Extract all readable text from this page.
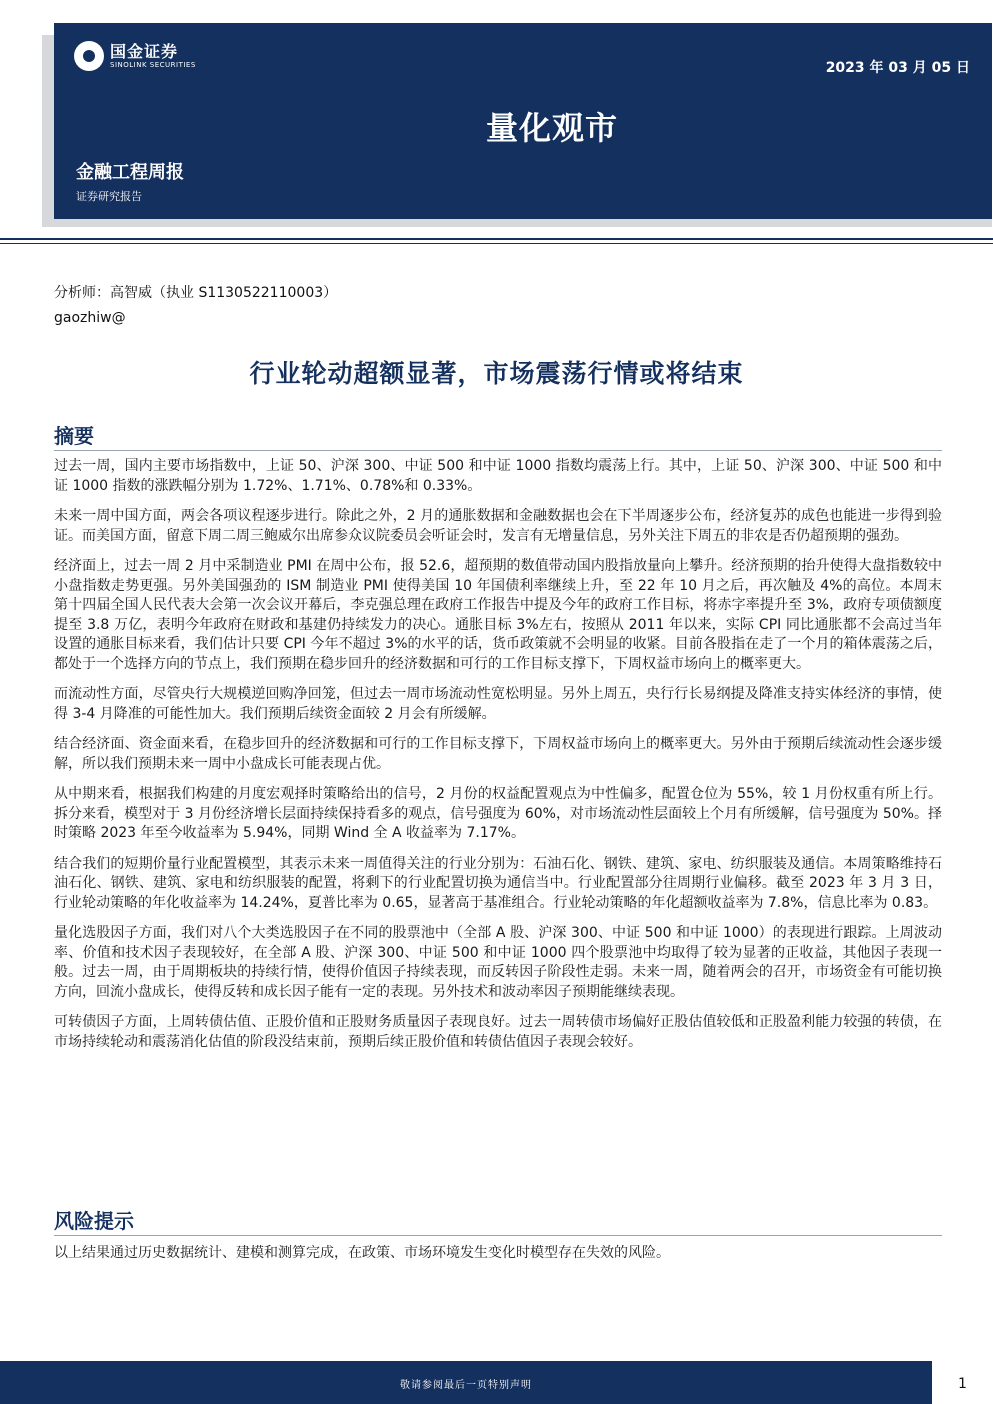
国金证券
SINOLINK SECURITIES	2023 年 03 月 05 日
量化观市
金融工程周报
证券研究报告
分析师：高智威（执业 S1130522110003）
gaozhiw@
行业轮动超额显著，市场震荡行情或将结束
摘要

过去一周，国内主要市场指数中，上证 50、沪深 300、中证 500 和中证 1000 指数均震荡上行。其中，上证 50、沪深 300、中证 500 和中证 1000 指数的涨跌幅分别为 1.72%、1.71%、0.78%和 0.33%。

未来一周中国方面，两会各项议程逐步进行。除此之外，2 月的通胀数据和金融数据也会在下半周逐步公布，经济复苏的成色也能进一步得到验证。而美国方面，留意下周二周三鲍威尔出席参众议院委员会听证会时，发言有无增量信息，另外关注下周五的非农是否仍超预期的强劲。

经济面上，过去一周 2 月中采制造业 PMI 在周中公布，报 52.6，超预期的数值带动国内股指放量向上攀升。经济预期的抬升使得大盘指数较中小盘指数走势更强。另外美国强劲的 ISM 制造业 PMI 使得美国 10 年国债利率继续上升，至 22 年 10 月之后，再次触及 4%的高位。本周末第十四届全国人民代表大会第一次会议开幕后，李克强总理在政府工作报告中提及今年的政府工作目标，将赤字率提升至 3%，政府专项债额度提至 3.8 万亿，表明今年政府在财政和基建仍持续发力的决心。通胀目标 3%左右，按照从 2011 年以来，实际 CPI 同比通胀都不会高过当年设置的通胀目标来看，我们估计只要 CPI 今年不超过 3%的水平的话，货币政策就不会明显的收紧。目前各股指在走了一个月的箱体震荡之后，都处于一个选择方向的节点上，我们预期在稳步回升的经济数据和可行的工作目标支撑下，下周权益市场向上的概率更大。

而流动性方面，尽管央行大规模逆回购净回笼，但过去一周市场流动性宽松明显。另外上周五，央行行长易纲提及降准支持实体经济的事情，使得 3-4 月降准的可能性加大。我们预期后续资金面较 2 月会有所缓解。

结合经济面、资金面来看，在稳步回升的经济数据和可行的工作目标支撑下，下周权益市场向上的概率更大。另外由于预期后续流动性会逐步缓解，所以我们预期未来一周中小盘成长可能表现占优。

从中期来看，根据我们构建的月度宏观择时策略给出的信号，2 月份的权益配置观点为中性偏多，配置仓位为 55%，较 1 月份权重有所上行。拆分来看，模型对于 3 月份经济增长层面持续保持看多的观点，信号强度为 60%，对市场流动性层面较上个月有所缓解，信号强度为 50%。择时策略 2023 年至今收益率为 5.94%，同期 Wind 全 A 收益率为 7.17%。

结合我们的短期价量行业配置模型，其表示未来一周值得关注的行业分别为：石油石化、钢铁、建筑、家电、纺织服装及通信。本周策略维持石油石化、钢铁、建筑、家电和纺织服装的配置，将剩下的行业配置切换为通信当中。行业配置部分往周期行业偏移。截至 2023 年 3 月 3 日，行业轮动策略的年化收益率为 14.24%，夏普比率为 0.65，显著高于基准组合。行业轮动策略的年化超额收益率为 7.8%，信息比率为 0.83。

量化选股因子方面，我们对八个大类选股因子在不同的股票池中（全部 A 股、沪深 300、中证 500 和中证 1000）的表现进行跟踪。上周波动率、价值和技术因子表现较好，在全部 A 股、沪深 300、中证 500 和中证 1000 四个股票池中均取得了较为显著的正收益，其他因子表现一般。过去一周，由于周期板块的持续行情，使得价值因子持续表现，而反转因子阶段性走弱。未来一周，随着两会的召开，市场资金有可能切换方向，回流小盘成长，使得反转和成长因子能有一定的表现。另外技术和波动率因子预期能继续表现。

可转债因子方面，上周转债估值、正股价值和正股财务质量因子表现良好。过去一周转债市场偏好正股估值较低和正股盈利能力较强的转债，在市场持续轮动和震荡消化估值的阶段没结束前，预期后续正股价值和转债估值因子表现会较好。

风险提示

以上结果通过历史数据统计、建模和测算完成，在政策、市场环境发生变化时模型存在失效的风险。

敬请参阅最后一页特别声明	1
